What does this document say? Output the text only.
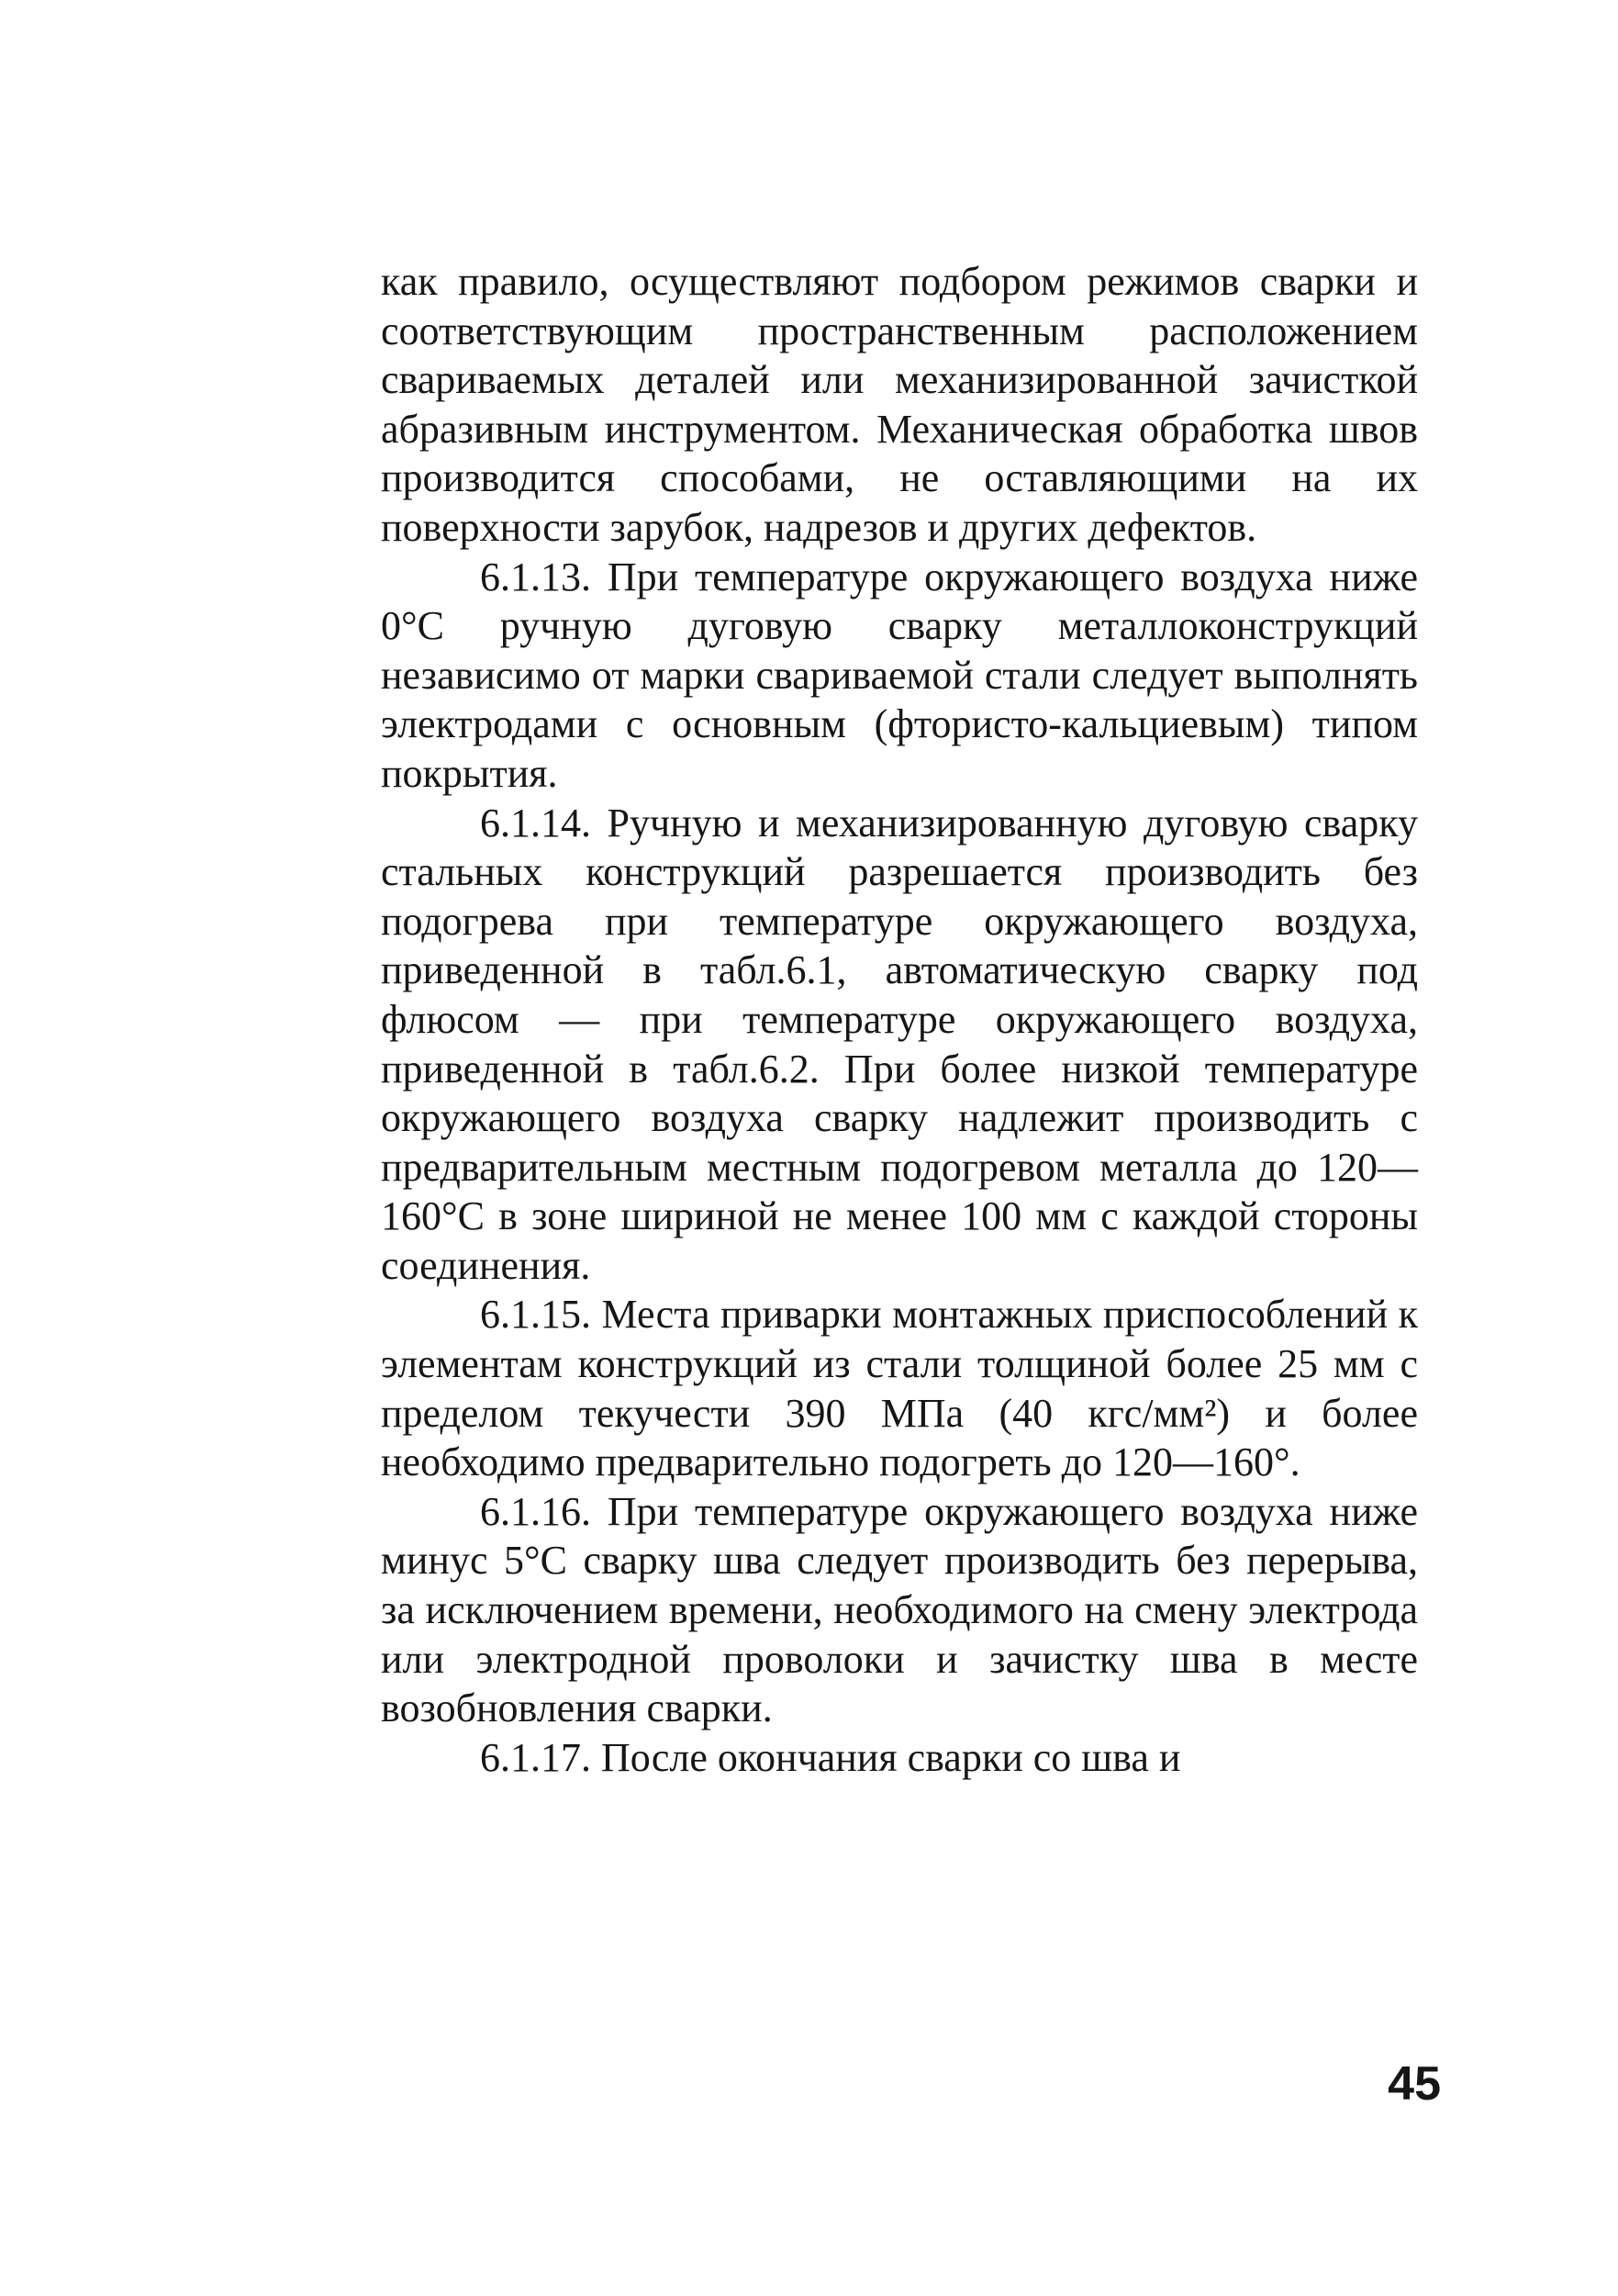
как правило, осуществляют подбором режимов сварки и соответствующим пространственным расположением свариваемых деталей или механизированной зачисткой абразивным инструментом. Механическая обработка швов производится способами, не оставляющими на их поверхности зарубок, надрезов и других дефектов.

6.1.13. При температуре окружающего воздуха ниже 0°С ручную дуговую сварку металлоконструкций независимо от марки свариваемой стали следует выполнять электродами с основным (фтористо-кальциевым) типом покрытия.

6.1.14. Ручную и механизированную дуговую сварку стальных конструкций разрешается производить без подогрева при температуре окружающего воздуха, приведенной в табл.6.1, автоматическую сварку под флюсом — при температуре окружающего воздуха, приведенной в табл.6.2. При более низкой температуре окружающего воздуха сварку надлежит производить с предварительным местным подогревом металла до 120—160°С в зоне шириной не менее 100 мм с каждой стороны соединения.

6.1.15. Места приварки монтажных приспособлений к элементам конструкций из стали толщиной более 25 мм с пределом текучести 390 МПа (40 кгс/мм²) и более необходимо предварительно подогреть до 120—160°.

6.1.16. При температуре окружающего воздуха ниже минус 5°С сварку шва следует производить без перерыва, за исключением времени, необходимого на смену электрода или электродной проволоки и зачистку шва в месте возобновления сварки.

6.1.17. После окончания сварки со шва и

45
